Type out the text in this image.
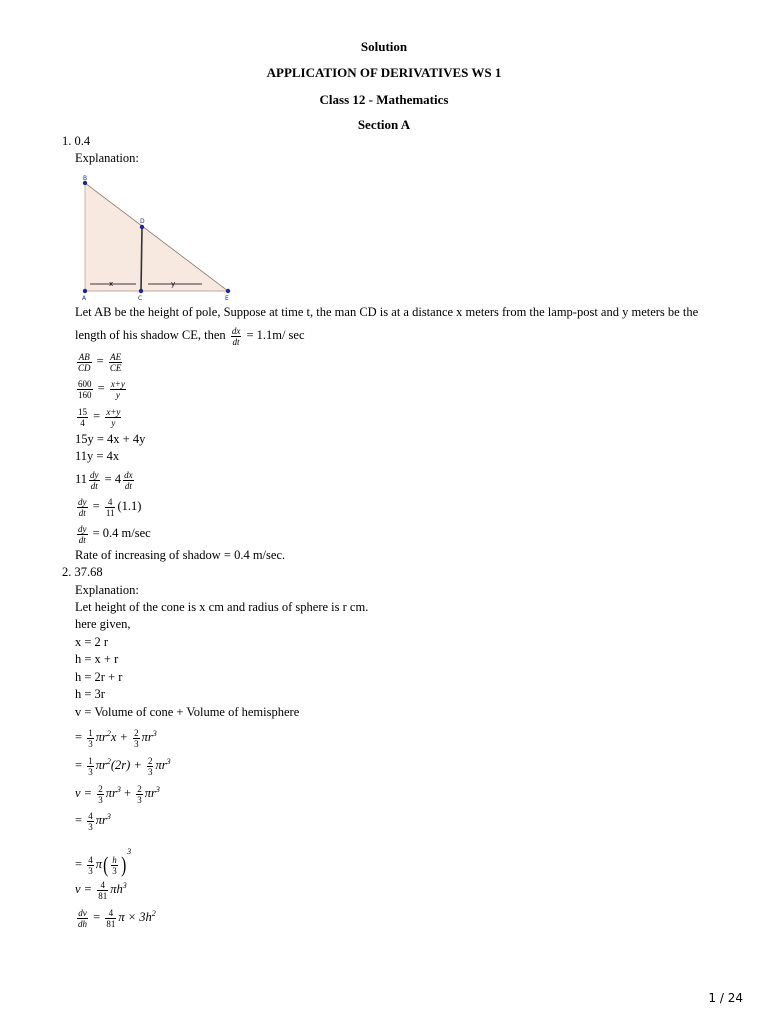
Solution
APPLICATION OF DERIVATIVES WS 1
Class 12 - Mathematics
Section A
1. 0.4
Explanation:
B
D
A	C	E
x	y
Let AB be the height of pole, Suppose at time t, the man CD is at a distance x meters from the lamp-post and y meters be the
length of his shadow CE, then $\frac{dx}{dt} = 1.1m/$ sec
$\frac{AB}{CD} = \frac{AE}{CE}$
$\frac{600}{160} = \frac{x+y}{y}$
$\frac{15}{4} = \frac{x+y}{y}$
15y = 4x + 4y
11y = 4x
$11 \frac{dy}{dt} = 4 \frac{dx}{dt}$
$\frac{dy}{dt} = \frac{4}{11} (1.1)$
$\frac{dy}{dt} = 0.4$ m/sec
Rate of increasing of shadow = 0.4 m/sec.
2. 37.68
Explanation:
Let height of the cone is x cm and radius of sphere is r cm.
here given,
x = 2 r
h = x + r
h = 2r + r
h = 3r
v = Volume of cone + Volume of hemisphere
= $\frac{1}{3} \pi r^2x + \frac{2}{3} \pi r^3$
= $\frac{1}{3} \pi r^2(2r) + \frac{2}{3} \pi r^3$
$v = \frac{2}{3} \pi r^3 + \frac{2}{3} \pi r^3$
= $\frac{4}{3} \pi r^3$
= $\frac{4}{3} \pi( \frac{h}{3} )^3$
$v = \frac{4}{81} \pi h^3$
$\frac{dv}{dh} = \frac{4}{81}$ $\pi \times 3h^2$
1 / 24
